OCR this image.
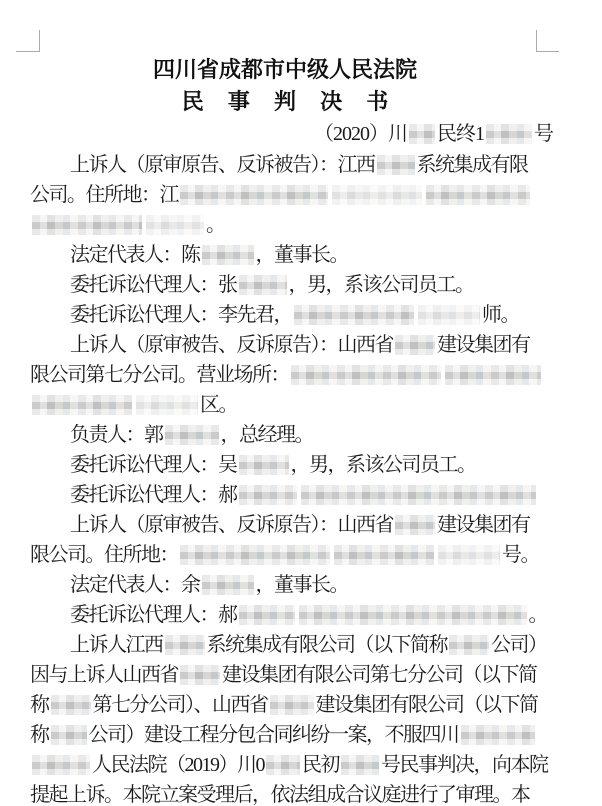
四川省成都市中级人民法院
民 事 判 决 书
（2020）川 民终1	号
上诉人（原审原告、反诉被告）：江西 系统集成有限
公司。住所地：江
。
法定代表人：陈	，董事长。
委托诉讼代理人：张	，男，系该公司员工。
委托诉讼代理人：李先君，	师。
上诉人（原审被告、反诉原告）：山西省 建设集团有
限公司第七分公司。营业场所：
区。
负责人：郭	，总经理。
委托诉讼代理人：吴	，男，系该公司员工。
委托诉讼代理人：郝
上诉人（原审被告、反诉原告）：山西省 建设集团有
限公司。住所地：	号。
法定代表人：余	，董事长。
委托诉讼代理人：郝	。
上诉人江西 系统集成有限公司（以下简称 公司）
因与上诉人山西省 建设集团有限公司第七分公司（以下简
称 第七分公司）、山西省 建设集团有限公司（以下简
称 公司）建设工程分包合同纠纷一案，不服四川
人民法院（2019）川0 民初 号民事判决，向本院
提起上诉。本院立案受理后，依法组成合议庭进行了审理。本
